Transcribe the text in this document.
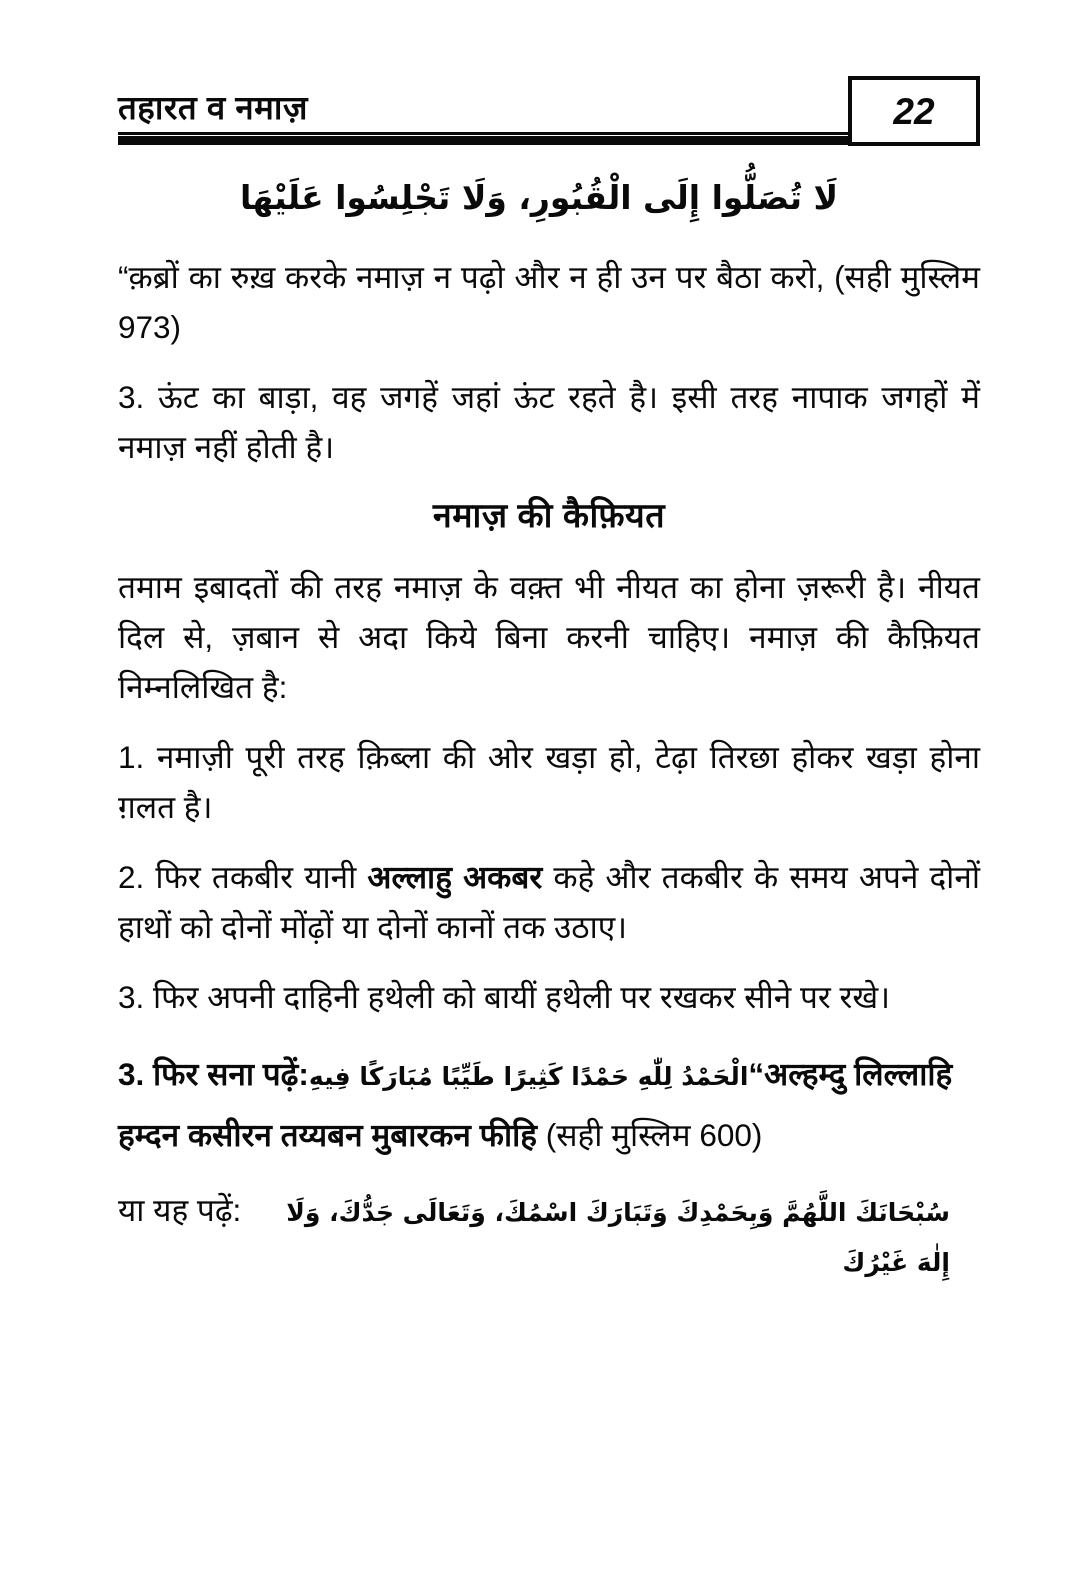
तहारत व नमाज़	22
لَا تُصَلُّوا إِلَى الْقُبُورِ، وَلَا تَجْلِسُوا عَلَيْهَا

“क़ब्रों का रुख़ करके नमाज़ न पढ़ो और न ही उन पर बैठा करो, (सही मुस्लिम 973)

3. ऊंट का बाड़ा, वह जगहें जहां ऊंट रहते है। इसी तरह नापाक जगहों में नमाज़ नहीं होती है।

नमाज़ की कैफ़ियत

तमाम इबादतों की तरह नमाज़ के वक़्त भी नीयत का होना ज़रूरी है। नीयत दिल से, ज़बान से अदा किये बिना करनी चाहिए। नमाज़ की कैफ़ियत निम्नलिखित है:

1. नमाज़ी पूरी तरह क़िब्ला की ओर खड़ा हो, टेढ़ा तिरछा होकर खड़ा होना ग़लत है।

2. फिर तकबीर यानी अल्लाहु अकबर कहे और तकबीर के समय अपने दोनों हाथों को दोनों मोंढ़ों या दोनों कानों तक उठाए।

3. फिर अपनी दाहिनी हथेली को बायीं हथेली पर रखकर सीने पर रखे।

3. फिर सना पढ़ें:الْحَمْدُ لِلّٰهِ حَمْدًا كَثِيرًا طَيِّبًا مُبَارَكًا فِيهِ“अल्हम्दु लिल्लाहि

हम्दन कसीरन तय्यबन मुबारकन फीहि (सही मुस्लिम 600)

या यह पढ़ें:	سُبْحَانَكَ اللَّهُمَّ وَبِحَمْدِكَ وَتَبَارَكَ اسْمُكَ، وَتَعَالَى جَدُّكَ، وَلَا إِلٰهَ غَيْرُكَ
